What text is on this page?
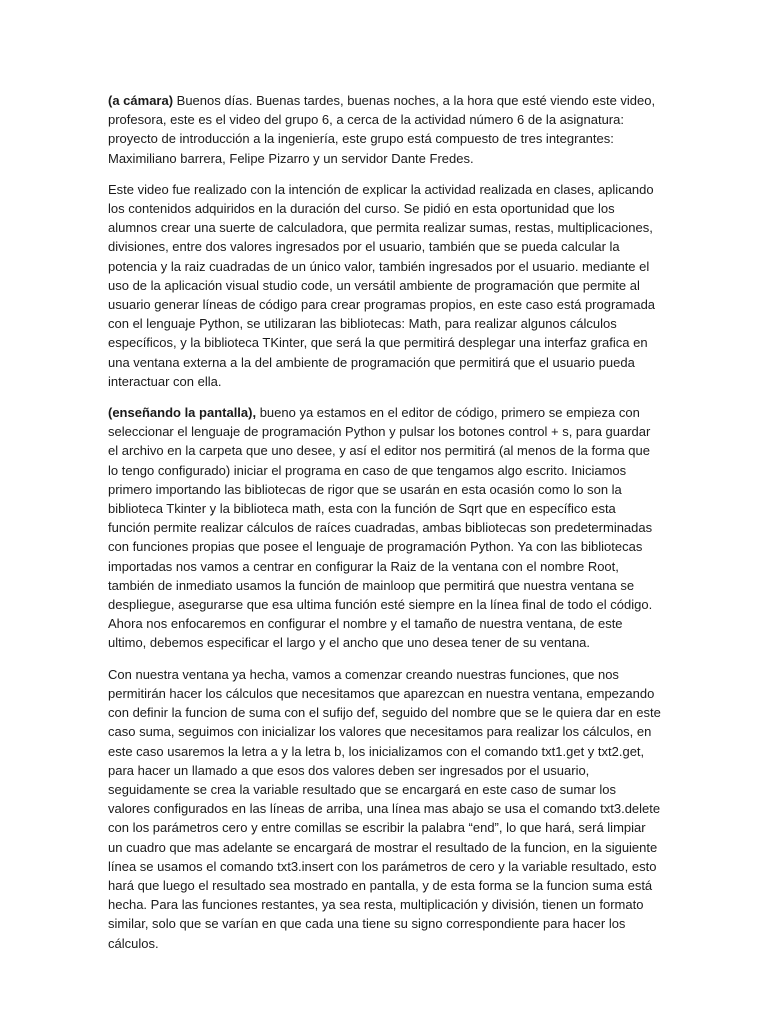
(a cámara) Buenos días. Buenas tardes, buenas noches, a la hora que esté viendo este video, profesora, este es el video del grupo 6, a cerca de la actividad número 6 de la asignatura: proyecto de introducción a la ingeniería, este grupo está compuesto de tres integrantes: Maximiliano barrera, Felipe Pizarro y un servidor Dante Fredes.

Este video fue realizado con la intención de explicar la actividad realizada en clases, aplicando los contenidos adquiridos en la duración del curso. Se pidió en esta oportunidad que los alumnos crear una suerte de calculadora, que permita realizar sumas, restas, multiplicaciones, divisiones, entre dos valores ingresados por el usuario, también que se pueda calcular la potencia y la raiz cuadradas de un único valor, también ingresados por el usuario. mediante el uso de la aplicación visual studio code, un versátil ambiente de programación que permite al usuario generar líneas de código para crear programas propios, en este caso está programada con el lenguaje Python, se utilizaran las bibliotecas: Math, para realizar algunos cálculos específicos, y la biblioteca TKinter, que será la que permitirá desplegar una interfaz grafica en una ventana externa a la del ambiente de programación que permitirá que el usuario pueda interactuar con ella.

(enseñando la pantalla), bueno ya estamos en el editor de código, primero se empieza con seleccionar el lenguaje de programación Python y pulsar los botones control + s, para guardar el archivo en la carpeta que uno desee, y así el editor nos permitirá (al menos de la forma que lo tengo configurado) iniciar el programa en caso de que tengamos algo escrito. Iniciamos primero importando las bibliotecas de rigor que se usarán en esta ocasión como lo son la biblioteca Tkinter y la biblioteca math, esta con la función de Sqrt que en específico esta función permite realizar cálculos de raíces cuadradas, ambas bibliotecas son predeterminadas con funciones propias que posee el lenguaje de programación Python. Ya con las bibliotecas importadas nos vamos a centrar en configurar la Raiz de la ventana con el nombre Root, también de inmediato usamos la función de mainloop que permitirá que nuestra ventana se despliegue, asegurarse que esa ultima función esté siempre en la línea final de todo el código. Ahora nos enfocaremos en configurar el nombre y el tamaño de nuestra ventana, de este ultimo, debemos especificar el largo y el ancho que uno desea tener de su ventana.

Con nuestra ventana ya hecha, vamos a comenzar creando nuestras funciones, que nos permitirán hacer los cálculos que necesitamos que aparezcan en nuestra ventana, empezando con definir la funcion de suma con el sufijo def, seguido del nombre que se le quiera dar en este caso suma, seguimos con inicializar los valores que necesitamos para realizar los cálculos, en este caso usaremos la letra a y la letra b, los inicializamos con el comando txt1.get y txt2.get, para hacer un llamado a que esos dos valores deben ser ingresados por el usuario, seguidamente se crea la variable resultado que se encargará en este caso de sumar los valores configurados en las líneas de arriba, una línea mas abajo se usa el comando txt3.delete con los parámetros cero y entre comillas se escribir la palabra “end”, lo que hará, será limpiar un cuadro que mas adelante se encargará de mostrar el resultado de la funcion, en la siguiente línea se usamos el comando txt3.insert con los parámetros de cero y la variable resultado, esto hará que luego el resultado sea mostrado en pantalla, y de esta forma se la funcion suma está hecha. Para las funciones restantes, ya sea resta, multiplicación y división, tienen un formato similar, solo que se varían en que cada una tiene su signo correspondiente para hacer los cálculos.
